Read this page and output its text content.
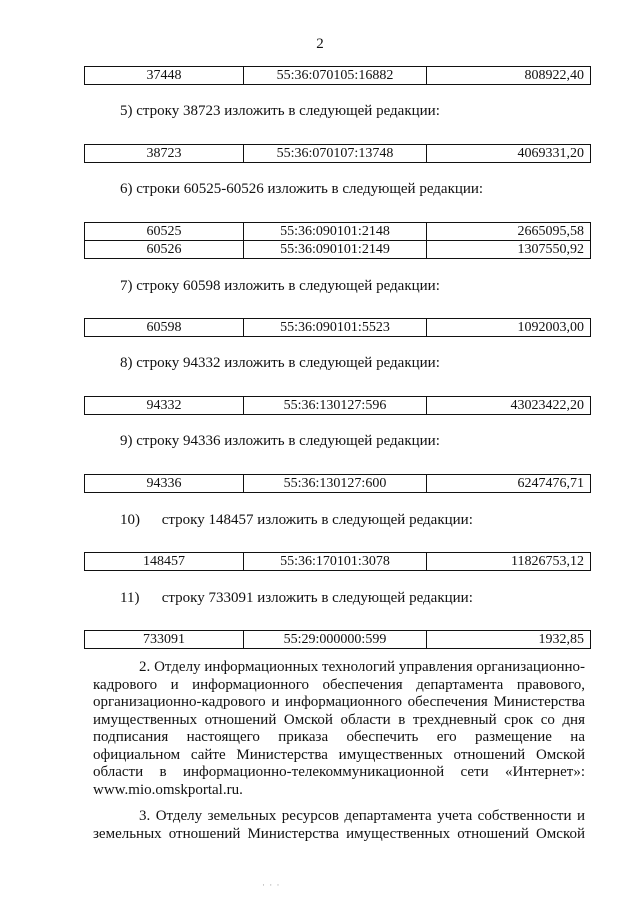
2
37448	55:36:070105:16882	808922,40
5) строку 38723 изложить в следующей редакции:
38723	55:36:070107:13748	4069331,20
6) строки 60525-60526 изложить в следующей редакции:
60525	55:36:090101:2148	2665095,58
60526	55:36:090101:2149	1307550,92
7) строку 60598 изложить в следующей редакции:
60598	55:36:090101:5523	1092003,00
8) строку 94332 изложить в следующей редакции:
94332	55:36:130127:596	43023422,20
9) строку 94336 изложить в следующей редакции:
94336	55:36:130127:600	6247476,71
10) строку 148457 изложить в следующей редакции:
148457	55:36:170101:3078	11826753,12
11) строку 733091 изложить в следующей редакции:
733091	55:29:000000:599	1932,85

2. Отделу информационных технологий управления организационно-
кадрового и информационного обеспечения департамента правового,
организационно-кадрового и информационного обеспечения Министерства
имущественных отношений Омской области в трехдневный срок со дня
подписания настоящего приказа обеспечить его размещение на
официальном сайте Министерства имущественных отношений Омской
области в информационно-телекоммуникационной сети «Интернет»:
www.mio.omskportal.ru.

3. Отделу земельных ресурсов департамента учета собственности и
земельных отношений Министерства имущественных отношений Омской

· · ·
